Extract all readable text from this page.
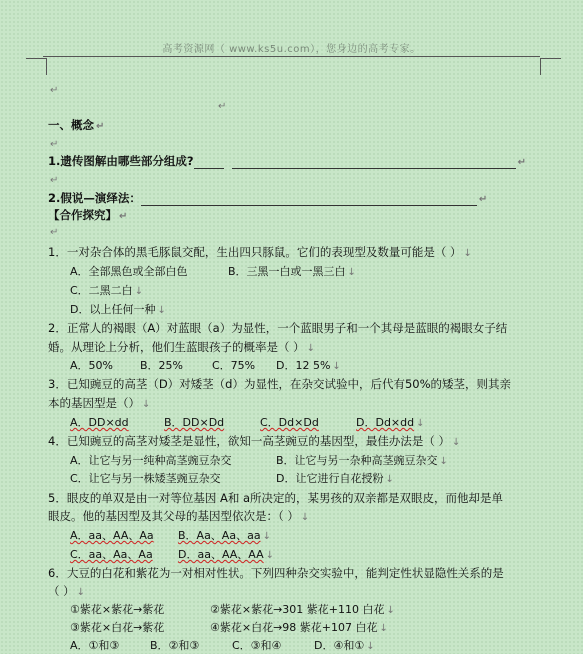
高考资源网（ www.ks5u.com），您身边的高考专家。
↵
↵
一、概念 ↵
↵
1.遗传图解由哪些部分组成?	↵
↵
2.假说—演绎法：	↵
【合作探究】 ↵
↵
1．一对杂合体的黑毛豚鼠交配，生出四只豚鼠。它们的表现型及数量可能是（ ） ↓
A．全部黑色或全部白色	B．三黑一白或一黑三白 ↓
C．二黑二白 ↓
D．以上任何一种 ↓
2．正常人的褐眼（A）对蓝眼（a）为显性，一个蓝眼男子和一个其母是蓝眼的褐眼女子结
婚。从理论上分析，他们生蓝眼孩子的概率是（ ） ↓
A．50% B．25%	C．75% D．12 5% ↓
3．已知豌豆的高茎（D）对矮茎（d）为显性，在杂交试验中，后代有50%的矮茎，则其亲
本的基因型是（） ↓
A．DD×dd	B．DD×Dd	C．Dd×Dd	D．Dd×dd ↓
4．已知豌豆的高茎对矮茎是显性，欲知一高茎豌豆的基因型，最佳办法是（ ） ↓
A．让它与另一纯种高茎豌豆杂交	B．让它与另一杂种高茎豌豆杂交 ↓
C．让它与另一株矮茎豌豆杂交	D．让它进行自花授粉 ↓
5．眼皮的单双是由一对等位基因 A和 a所决定的，某男孩的双亲都是双眼皮，而他却是单
眼皮。他的基因型及其父母的基因型依次是：（ ） ↓
A．aa、AA、Aa B．Aa、Aa、aa ↓
C．aa、Aa、Aa D．aa、AA、AA ↓
6．大豆的白花和紫花为一对相对性状。下列四种杂交实验中，能判定性状显隐性关系的是
（ ） ↓
①紫花×紫花→紫花	②紫花×紫花→301 紫花+110 白花 ↓
③紫花×白花→紫花	④紫花×白花→98 紫花+107 白花 ↓
A．①和③	B．②和③	C．③和④	D．④和① ↓
